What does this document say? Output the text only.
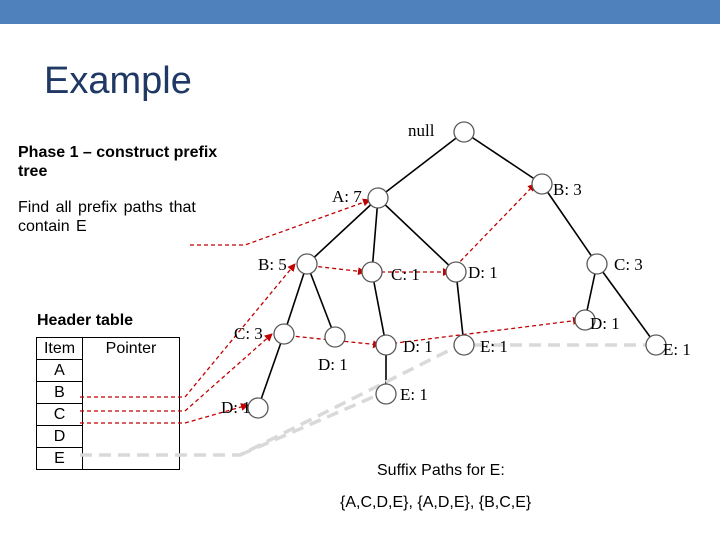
Example
Phase 1 – construct prefix tree
Find all prefix paths that contain E
Header table
Item	Pointer
A	
B	
C	
D	
E	
null
A: 7	B: 3
B: 5
C: 1	D: 1
C: 3
D: 1
D: 1	E: 1
D: 1
E: 1
C: 3
D: 1
E: 1
Suffix Paths for E:
{A,C,D,E}, {A,D,E}, {B,C,E}
